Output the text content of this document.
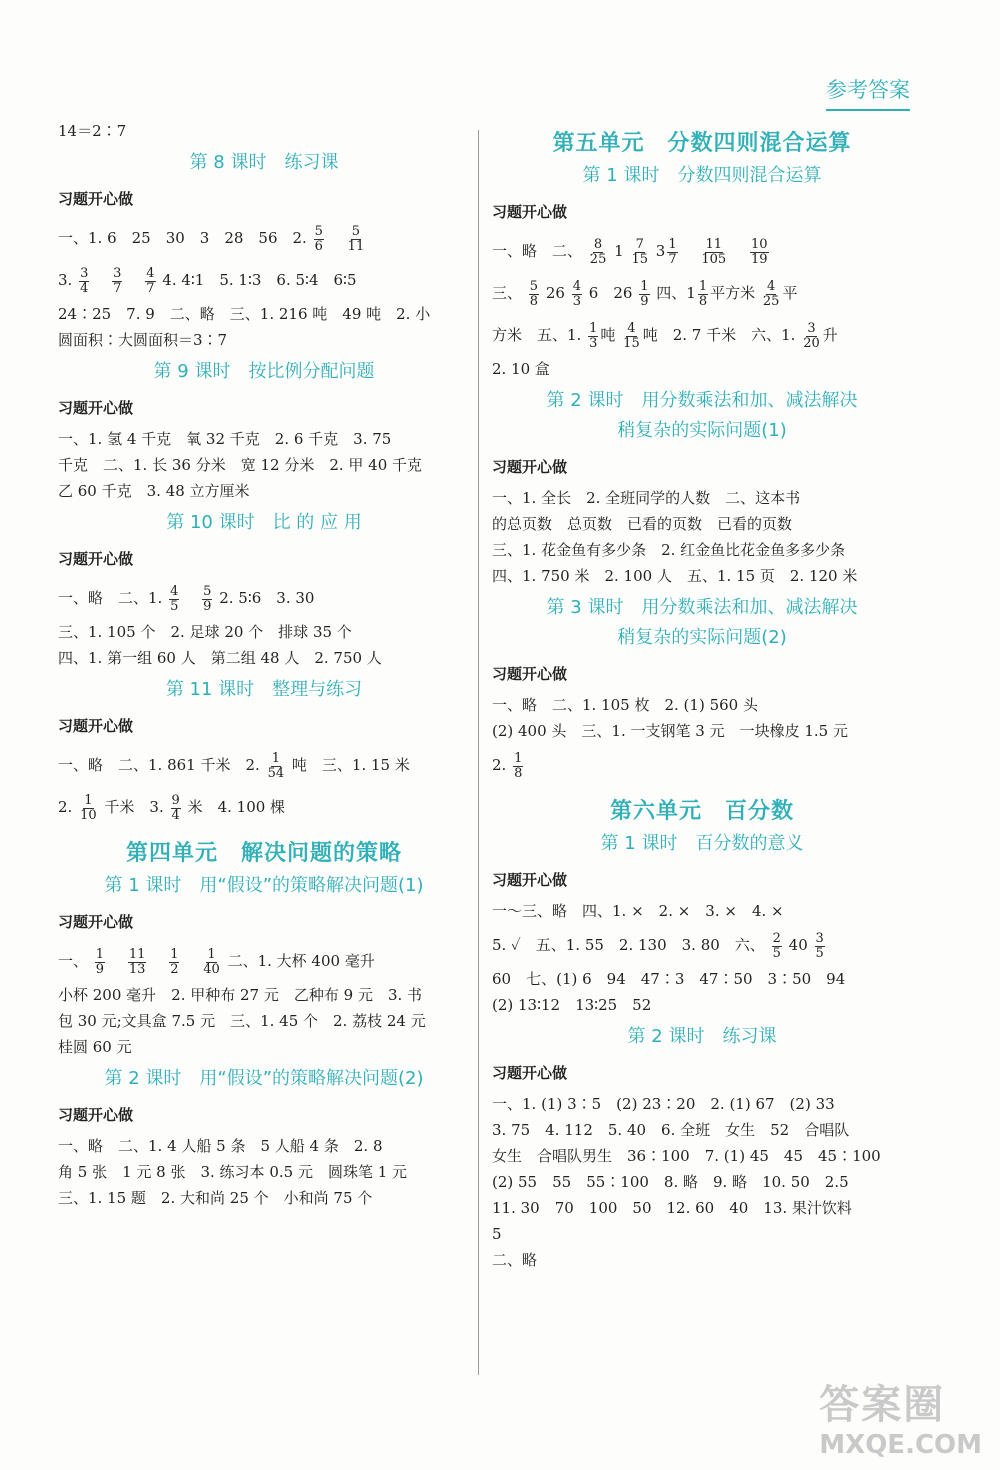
参考答案
14＝2∶7
第 8 课时　练习课
习题开心做
一、1. 6　25　30　3　28　56　2. $\frac{5}{6}$
$\frac{5}{11}$
3. $\frac{3}{4}$
$\frac{3}{7}$
$\frac{4}{7} 4$. 4∶1　5. 1∶3　6. 5∶4　6∶5
24∶25　7. 9　二、略　三、1. 216 吨　49 吨　2. 小
圆面积∶大圆面积＝3∶7
第 9 课时　按比例分配问题
习题开心做
一、1. 氢 4 千克　氧 32 千克　2. 6 千克　3. 75
千克　二、1. 长 36 分米　宽 12 分米　2. 甲 40 千克
乙 60 千克　3. 48 立方厘米
第 10 课时　比 的 应 用
习题开心做
一、略　二、1. $\frac{4}{5}$
$\frac{5}{9} 2$. 5∶6　3. 30
三、1. 105 个　2. 足球 20 个　排球 35 个
四、1. 第一组 60 人　第二组 48 人　2. 750 人
第 11 课时　整理与练习
习题开心做
一、略　二、1. 861 千米　2. $\frac{1}{54}$ 吨　三、1. 15 米
2. $\frac{1}{10}$ 千米　3. $\frac{9}{4}$ 米　4. 100 棵
第四单元　解决问题的策略
第 1 课时　用“假设”的策略解决问题(1)
习题开心做
一、 $\frac{1}{9}$
$\frac{11}{13}$
$\frac{1}{2}$
$\frac{1}{40}$ 二、1. 大杯 400 毫升
小杯 200 毫升　2. 甲种布 27 元　乙种布 9 元　3. 书
包 30 元;文具盒 7.5 元　三、1. 45 个　2. 荔枝 24 元
桂圆 60 元
第 2 课时　用“假设”的策略解决问题(2)
习题开心做
一、略　二、1. 4 人船 5 条　5 人船 4 条　2. 8
角 5 张　1 元 8 张　3. 练习本 0.5 元　圆珠笔 1 元
三、1. 15 题　2. 大和尚 25 个　小和尚 75 个
第五单元　分数四则混合运算
第 1 课时　分数四则混合运算
习题开心做
一、略　二、 $\frac{8}{25} 1 \frac{7}{15} 3 \frac{1}{7}$
$\frac{11}{105}$
$\frac{10}{19}$
三、 $\frac{5}{8} 26 \frac{4}{3} 6$　$26 \frac{1}{9}$ 四、$1 \frac{1}{8}$ 平方米 $\frac{4}{25}$ 平
方米　五、1. $\frac{1}{3}$ 吨 $\frac{4}{15}$ 吨　2. 7 千米　六、1. $\frac{3}{20}$ 升
2. 10 盒
第 2 课时　用分数乘法和加、减法解决
稍复杂的实际问题(1)
习题开心做
一、1. 全长　2. 全班同学的人数　二、这本书
的总页数　总页数　已看的页数　已看的页数
三、1. 花金鱼有多少条　2. 红金鱼比花金鱼多多少条
四、1. 750 米　2. 100 人　五、1. 15 页　2. 120 米
第 3 课时　用分数乘法和加、减法解决
稍复杂的实际问题(2)
习题开心做
一、略　二、1. 105 枚　2. (1) 560 头
(2) 400 头　三、1. 一支钢笔 3 元　一块橡皮 1.5 元
2. $\frac{1}{8}$
第六单元　百分数
第 1 课时　百分数的意义
习题开心做
一～三、略　四、1. ×　2. ×　3. ×　4. ×
5. ✓　五、1. 55　2. 130　3. 80　六、 $\frac{2}{5} 40 \frac{3}{5}$
60　七、(1) 6　94　47∶3　47∶50　3∶50　94
(2) 13∶12　13∶25　52
第 2 课时　练习课
习题开心做
一、1. (1) 3∶5　(2) 23∶20　2. (1) 67　(2) 33
3. 75　4. 112　5. 40　6. 全班　女生　52　合唱队
女生　合唱队男生　36∶100　7. (1) 45　45　45∶100
(2) 55　55　55∶100　8. 略　9. 略　10. 50　2.5
11. 30　70　100　50　12. 60　40　13. 果汁饮料
5
二、略
答案圈
MXQE.COM
